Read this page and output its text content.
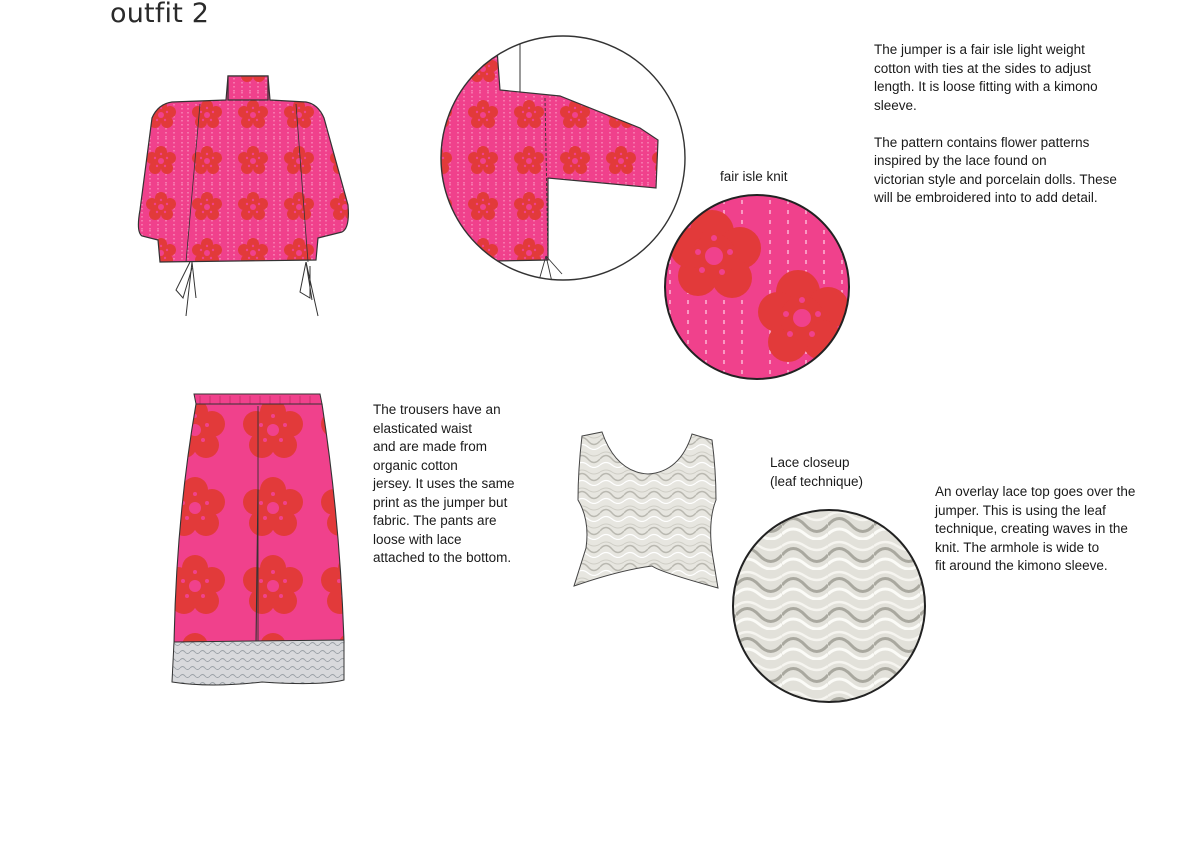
outfit 2
The jumper is a fair isle light weight
cotton with ties at the sides to adjust
length. It is loose fitting with a kimono
sleeve.
The pattern contains flower patterns
inspired by the lace found on
victorian style and porcelain dolls. These
will be embroidered into to add detail.
fair isle knit
The trousers have an
elasticated waist
and are made from
organic cotton
jersey. It uses the same
print as the jumper but
fabric. The pants are
loose with lace
attached to the bottom.
Lace closeup
(leaf technique)
An overlay lace top goes over the
jumper. This is using the leaf
technique, creating waves in the
knit. The armhole is wide to
fit around the kimono sleeve.
